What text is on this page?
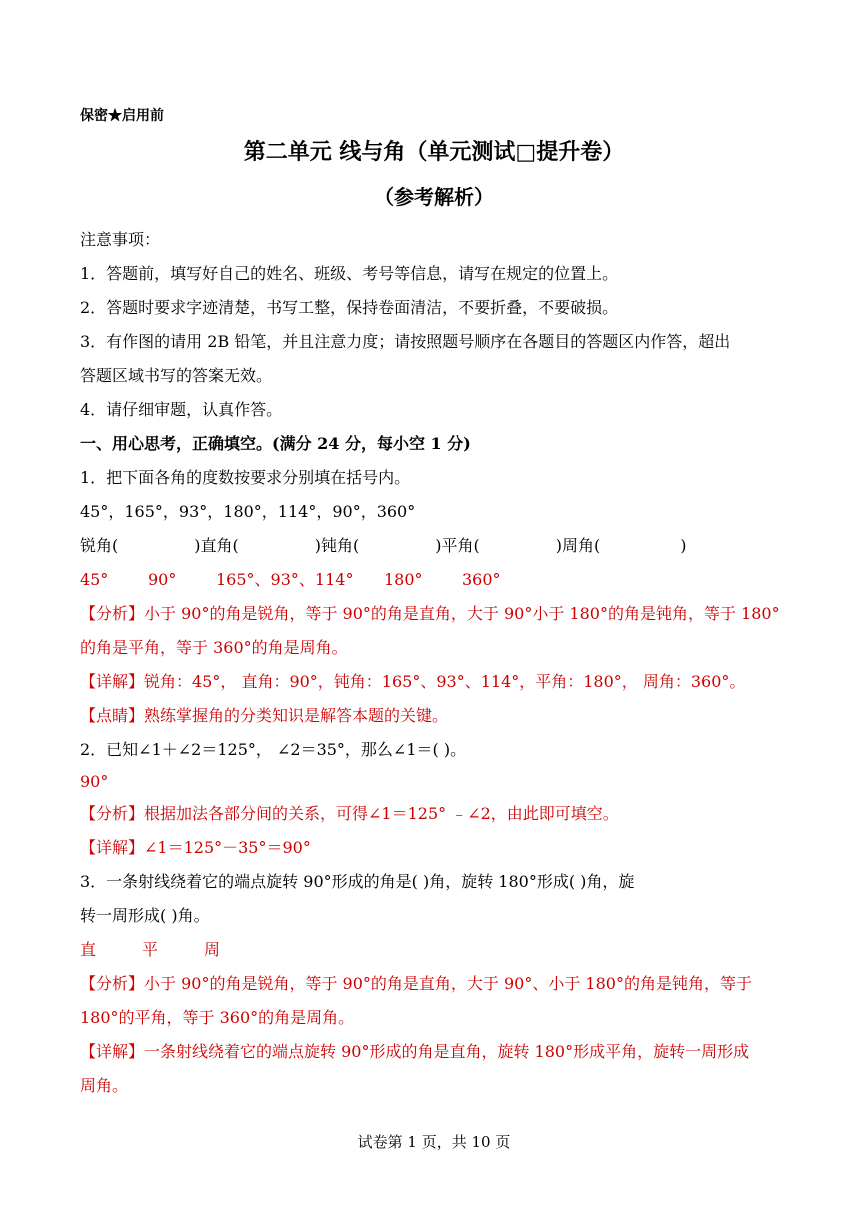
保密★启用前
第二单元 线与角（单元测试□提升卷）
（参考解析）
注意事项：
1．答题前，填写好自己的姓名、班级、考号等信息，请写在规定的位置上。
2．答题时要求字迹清楚，书写工整，保持卷面清洁，不要折叠，不要破损。
3．有作图的请用 2B 铅笔，并且注意力度；请按照题号顺序在各题目的答题区内作答，超出
答题区域书写的答案无效。
4．请仔细审题，认真作答。
一、用心思考，正确填空。(满分 24 分，每小空 1 分)
1．把下面各角的度数按要求分别填在括号内。
45°，165°，93°，180°，114°，90°，360°
锐角(	)直角(	)钝角(	)平角(	)周角(	)
45° 90° 165°、93°、114° 180° 360°
【分析】小于 90°的角是锐角，等于 90°的角是直角，大于 90°小于 180°的角是钝角，等于 180°
的角是平角，等于 360°的角是周角。
【详解】锐角：45°， 直角：90°，钝角：165°、93°、114°，平角：180°， 周角：360°。
【点睛】熟练掌握角的分类知识是解答本题的关键。
2．已知∠1＋∠2＝125°， ∠2＝35°，那么∠1＝( )。
90°
【分析】根据加法各部分间的关系，可得∠1＝125° ﹣∠2，由此即可填空。
【详解】∠1＝125°－35°＝90°
3．一条射线绕着它的端点旋转 90°形成的角是( )角，旋转 180°形成( )角，旋
转一周形成( )角。
直	平	周
【分析】小于 90°的角是锐角，等于 90°的角是直角，大于 90°、小于 180°的角是钝角，等于
180°的平角，等于 360°的角是周角。
【详解】一条射线绕着它的端点旋转 90°形成的角是直角，旋转 180°形成平角，旋转一周形成
周角。
试卷第 1 页，共 10 页
